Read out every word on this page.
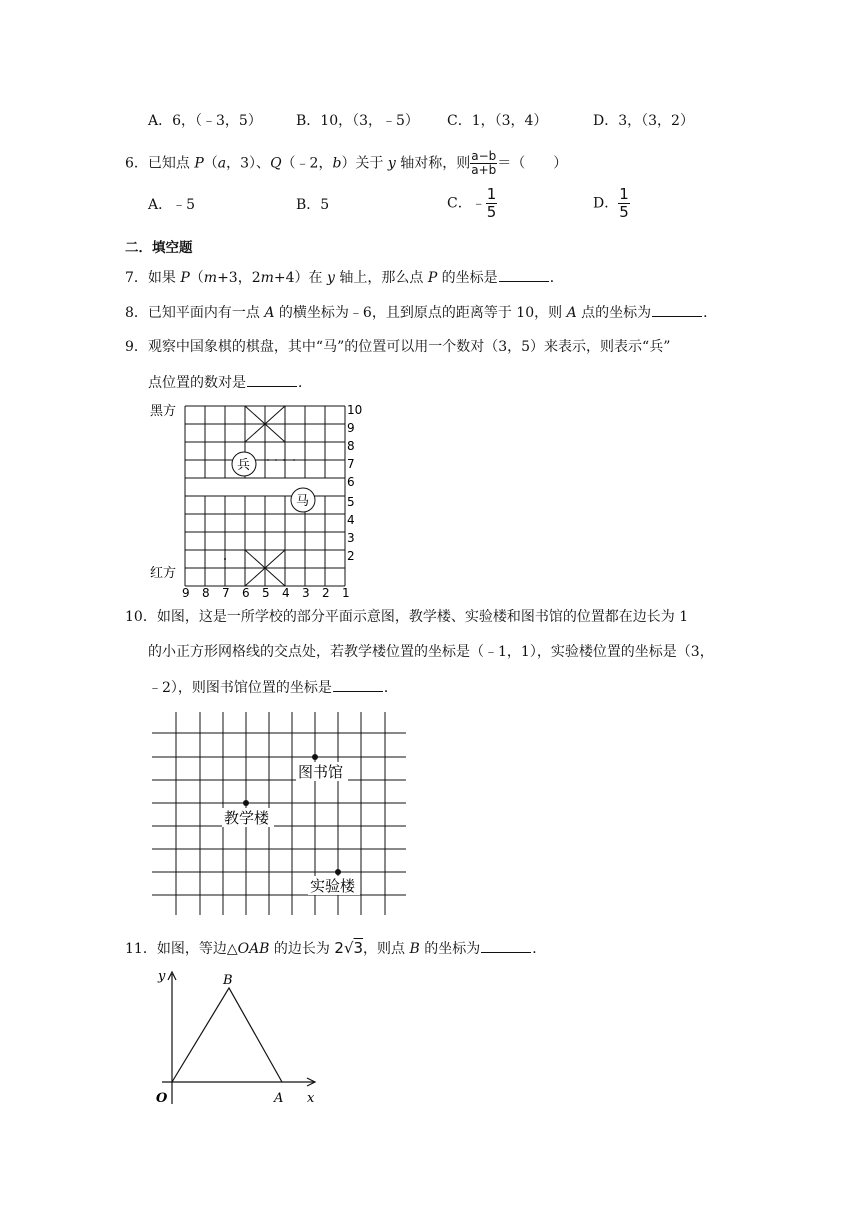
A．6，（﹣3，5） B．10，（3，﹣5） C．1，（3，4）	D．3，（3，2）
6．已知点 P（a，3）、Q（﹣2，b）关于 y 轴对称，则 $\frac{a-b}{a+b}$ ＝（　　）
A．﹣5	B．5	C．﹣ $\frac{1}{5}$	D． $\frac{1}{5}$
二．填空题
7．如果 P（m+3，2m+4）在 y 轴上，那么点 P 的坐标是	．
8．已知平面内有一点 A 的横坐标为﹣6，且到原点的距离等于 10，则 A 点的坐标为	．
9．观察中国象棋的棋盘，其中“马”的位置可以用一个数对（3，5）来表示，则表示“兵”
点位置的数对是	．
兵
马
黑方
红方
10
9
8
7
6
5
4
3
2
9 8 7 6 5 4 3 2 1
10．如图，这是一所学校的部分平面示意图，教学楼、实验楼和图书馆的位置都在边长为 1
的小正方形网格线的交点处，若教学楼位置的坐标是（﹣1，1），实验楼位置的坐标是（3，
﹣2），则图书馆位置的坐标是	．
图书馆
教学楼
实验楼
11．如图，等边△OAB 的边长为 2√3，则点 B 的坐标为	．
y	B
O	A x
